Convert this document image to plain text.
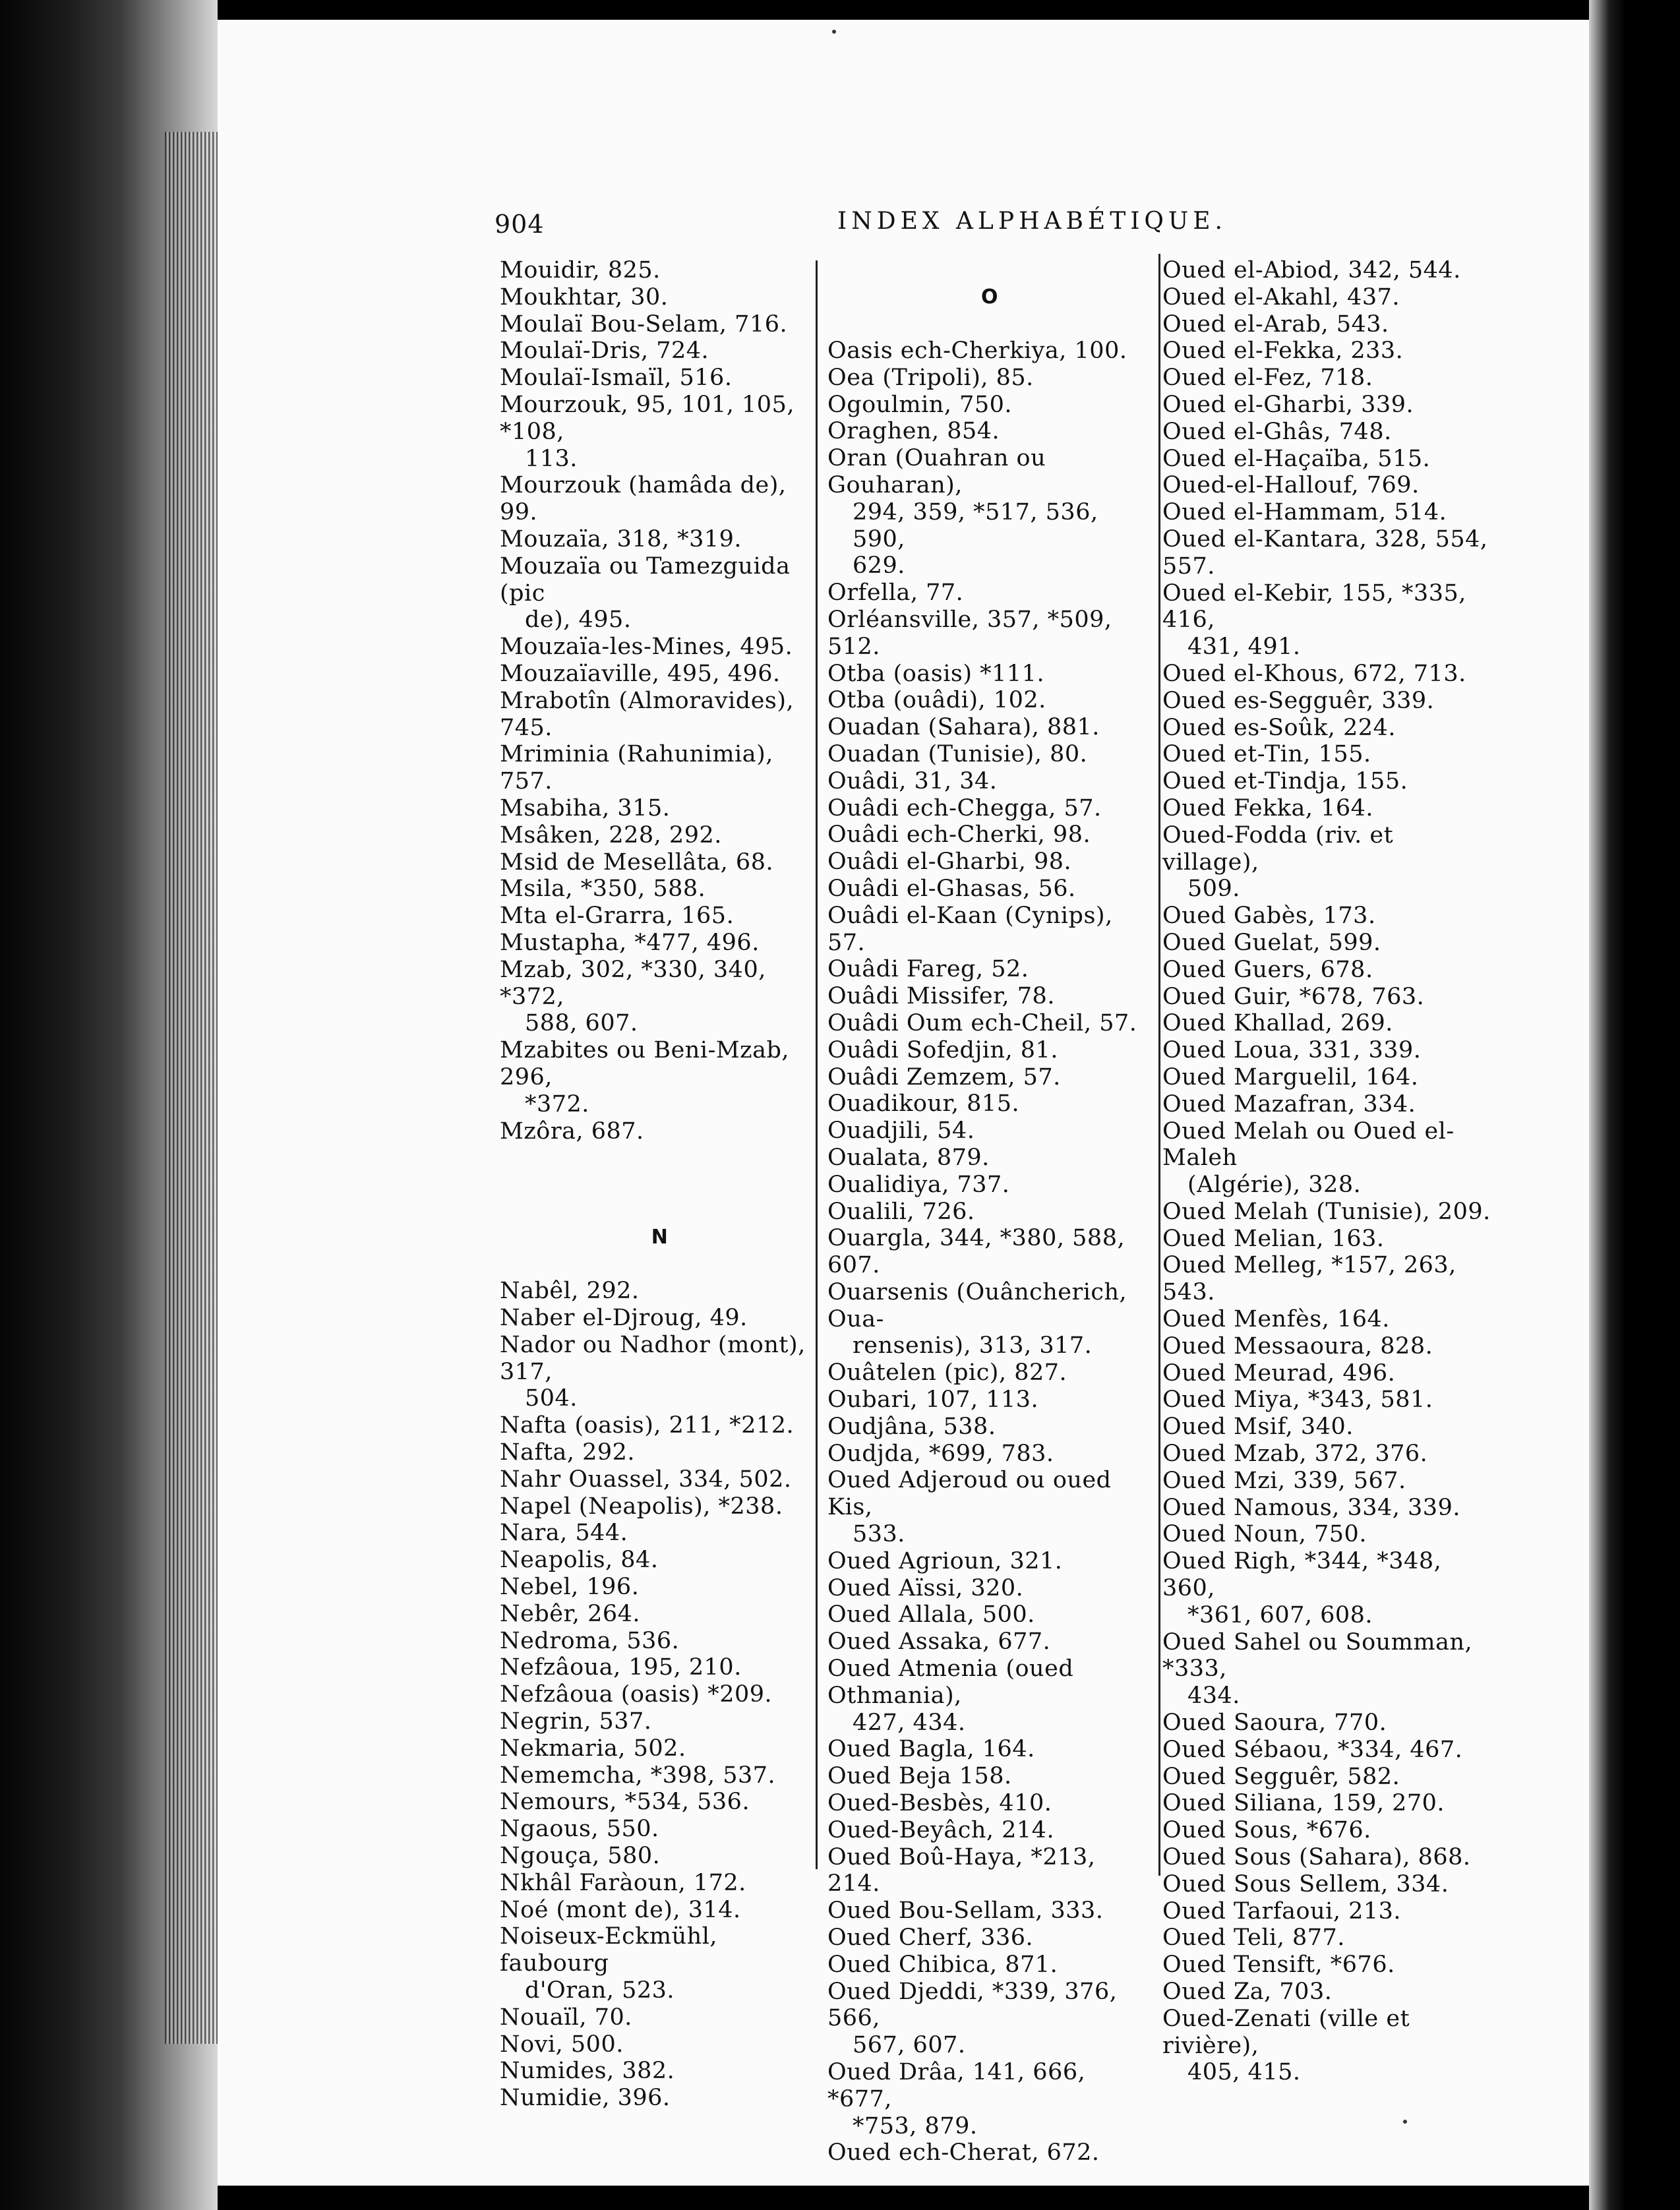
904	INDEX ALPHABÉTIQUE.
Mouidir, 825.
Moukhtar, 30.
Moulaï Bou-Selam, 716.
Moulaï-Dris, 724.
Moulaï-Ismaïl, 516.
Mourzouk, 95, 101, 105, *108,
113.
Mourzouk (hamâda de), 99.
Mouzaïa, 318, *319.
Mouzaïa ou Tamezguida (pic
de), 495.
Mouzaïa-les-Mines, 495.
Mouzaïaville, 495, 496.
Mrabotîn (Almoravides), 745.
Mriminia (Rahunimia), 757.
Msabiha, 315.
Msâken, 228, 292.
Msid de Mesellâta, 68.
Msila, *350, 588.
Mta el-Grarra, 165.
Mustapha, *477, 496.
Mzab, 302, *330, 340, *372,
588, 607.
Mzabites ou Beni-Mzab, 296,
*372.
Mzôra, 687.
N
Nabêl, 292.
Naber el-Djroug, 49.
Nador ou Nadhor (mont), 317,
504.
Nafta (oasis), 211, *212.
Nafta, 292.
Nahr Ouassel, 334, 502.
Napel (Neapolis), *238.
Nara, 544.
Neapolis, 84.
Nebel, 196.
Nebêr, 264.
Nedroma, 536.
Nefzâoua, 195, 210.
Nefzâoua (oasis) *209.
Negrin, 537.
Nekmaria, 502.
Nememcha, *398, 537.
Nemours, *534, 536.
Ngaous, 550.
Ngouça, 580.
Nkhâl Faràoun, 172.
Noé (mont de), 314.
Noiseux-Eckmühl, faubourg
d'Oran, 523.
Nouaïl, 70.
Novi, 500.
Numides, 382.
Numidie, 396.
O
Oasis ech-Cherkiya, 100.
Oea (Tripoli), 85.
Ogoulmin, 750.
Oraghen, 854.
Oran (Ouahran ou Gouharan),
294, 359, *517, 536, 590,
629.
Orfella, 77.
Orléansville, 357, *509, 512.
Otba (oasis) *111.
Otba (ouâdi), 102.
Ouadan (Sahara), 881.
Ouadan (Tunisie), 80.
Ouâdi, 31, 34.
Ouâdi ech-Chegga, 57.
Ouâdi ech-Cherki, 98.
Ouâdi el-Gharbi, 98.
Ouâdi el-Ghasas, 56.
Ouâdi el-Kaan (Cynips), 57.
Ouâdi Fareg, 52.
Ouâdi Missifer, 78.
Ouâdi Oum ech-Cheil, 57.
Ouâdi Sofedjin, 81.
Ouâdi Zemzem, 57.
Ouadikour, 815.
Ouadjili, 54.
Oualata, 879.
Oualidiya, 737.
Oualili, 726.
Ouargla, 344, *380, 588, 607.
Ouarsenis (Ouâncherich, Oua-
rensenis), 313, 317.
Ouâtelen (pic), 827.
Oubari, 107, 113.
Oudjâna, 538.
Oudjda, *699, 783.
Oued Adjeroud ou oued Kis,
533.
Oued Agrioun, 321.
Oued Aïssi, 320.
Oued Allala, 500.
Oued Assaka, 677.
Oued Atmenia (oued Othmania),
427, 434.
Oued Bagla, 164.
Oued Beja 158.
Oued-Besbès, 410.
Oued-Beyâch, 214.
Oued Boû-Haya, *213, 214.
Oued Bou-Sellam, 333.
Oued Cherf, 336.
Oued Chibica, 871.
Oued Djeddi, *339, 376, 566,
567, 607.
Oued Drâa, 141, 666, *677,
*753, 879.
Oued ech-Cherat, 672.
Oued el-Abiod, 342, 544.
Oued el-Akahl, 437.
Oued el-Arab, 543.
Oued el-Fekka, 233.
Oued el-Fez, 718.
Oued el-Gharbi, 339.
Oued el-Ghâs, 748.
Oued el-Haçaïba, 515.
Oued-el-Hallouf, 769.
Oued el-Hammam, 514.
Oued el-Kantara, 328, 554, 557.
Oued el-Kebir, 155, *335, 416,
431, 491.
Oued el-Khous, 672, 713.
Oued es-Segguêr, 339.
Oued es-Soûk, 224.
Oued et-Tin, 155.
Oued et-Tindja, 155.
Oued Fekka, 164.
Oued-Fodda (riv. et village),
509.
Oued Gabès, 173.
Oued Guelat, 599.
Oued Guers, 678.
Oued Guir, *678, 763.
Oued Khallad, 269.
Oued Loua, 331, 339.
Oued Marguelil, 164.
Oued Mazafran, 334.
Oued Melah ou Oued el-Maleh
(Algérie), 328.
Oued Melah (Tunisie), 209.
Oued Melian, 163.
Oued Melleg, *157, 263, 543.
Oued Menfès, 164.
Oued Messaoura, 828.
Oued Meurad, 496.
Oued Miya, *343, 581.
Oued Msif, 340.
Oued Mzab, 372, 376.
Oued Mzi, 339, 567.
Oued Namous, 334, 339.
Oued Noun, 750.
Oued Righ, *344, *348, 360,
*361, 607, 608.
Oued Sahel ou Soumman, *333,
434.
Oued Saoura, 770.
Oued Sébaou, *334, 467.
Oued Segguêr, 582.
Oued Siliana, 159, 270.
Oued Sous, *676.
Oued Sous (Sahara), 868.
Oued Sous Sellem, 334.
Oued Tarfaoui, 213.
Oued Teli, 877.
Oued Tensift, *676.
Oued Za, 703.
Oued-Zenati (ville et rivière),
405, 415.
